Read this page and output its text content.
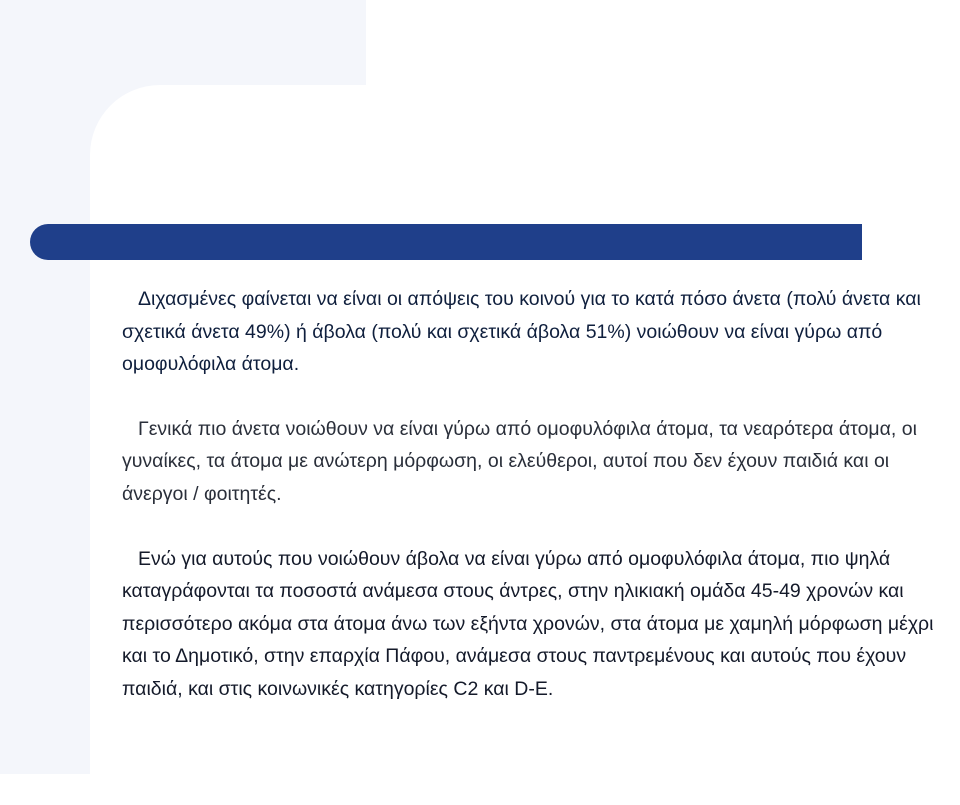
Διχασμένες φαίνεται να είναι οι απόψεις του κοινού για το κατά πόσο άνετα (πολύ άνετα και σχετικά άνετα 49%) ή άβολα (πολύ και σχετικά άβολα 51%) νοιώθουν να είναι γύρω από ομοφυλόφιλα άτομα.

Γενικά πιο άνετα νοιώθουν να είναι γύρω από ομοφυλόφιλα άτομα, τα νεαρότερα άτομα, οι γυναίκες, τα άτομα με ανώτερη μόρφωση, οι ελεύθεροι, αυτοί που δεν έχουν παιδιά και οι άνεργοι / φοιτητές.

Ενώ για αυτούς που νοιώθουν άβολα να είναι γύρω από ομοφυλόφιλα άτομα, πιο ψηλά καταγράφονται τα ποσοστά ανάμεσα στους άντρες, στην ηλικιακή ομάδα 45-49 χρονών και περισσότερο ακόμα στα άτομα άνω των εξήντα χρονών, στα άτομα με χαμηλή μόρφωση μέχρι και το Δημοτικό, στην επαρχία Πάφου, ανάμεσα στους παντρεμένους και αυτούς που έχουν παιδιά, και στις κοινωνικές κατηγορίες C2 και D-E.
